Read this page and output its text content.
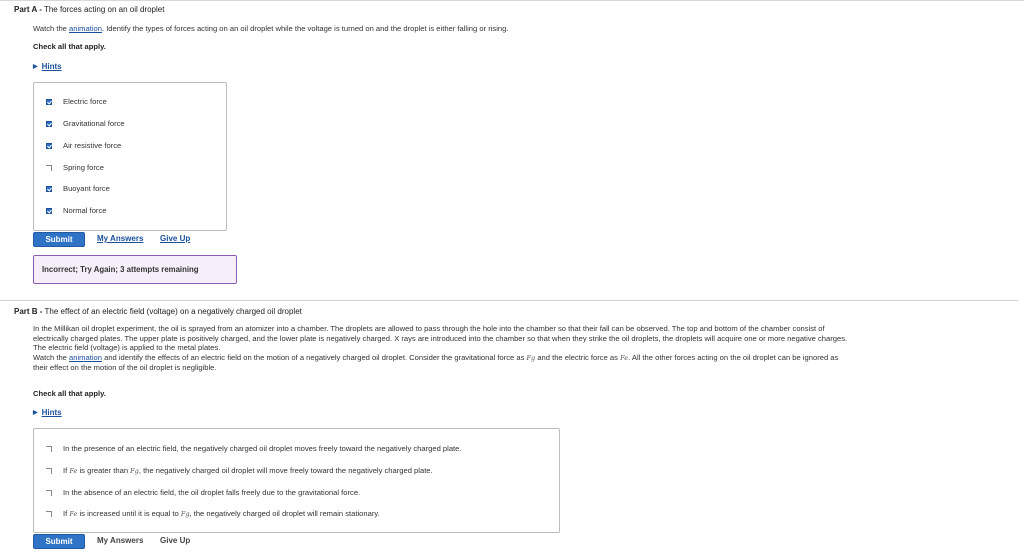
Part A - The forces acting on an oil droplet
Watch the animation. Identify the types of forces acting on an oil droplet while the voltage is turned on and the droplet is either falling or rising.
Check all that apply.
▶ Hints
Electric force
Gravitational force
Air resistive force
Spring force
Buoyant force
Normal force
Submit	My Answers Give Up
Incorrect; Try Again; 3 attempts remaining
Part B - The effect of an electric field (voltage) on a negatively charged oil droplet
In the Millikan oil droplet experiment, the oil is sprayed from an atomizer into a chamber. The droplets are allowed to pass through the hole into the chamber so that their fall can be observed. The top and bottom of the chamber consist of
electrically charged plates. The upper plate is positively charged, and the lower plate is negatively charged. X rays are introduced into the chamber so that when they strike the oil droplets, the droplets will acquire one or more negative charges.
The electric field (voltage) is applied to the metal plates.
Watch the animation and identify the effects of an electric field on the motion of a negatively charged oil droplet. Consider the gravitational force as Fg and the electric force as Fe. All the other forces acting on the oil droplet can be ignored as
their effect on the motion of the oil droplet is negligible.
Check all that apply.
▶ Hints
In the presence of an electric field, the negatively charged oil droplet moves freely toward the negatively charged plate.
If Fe is greater than Fg, the negatively charged oil droplet will move freely toward the negatively charged plate.
In the absence of an electric field, the oil droplet falls freely due to the gravitational force.
If Fe is increased until it is equal to Fg, the negatively charged oil droplet will remain stationary.
Submit	My Answers Give Up
